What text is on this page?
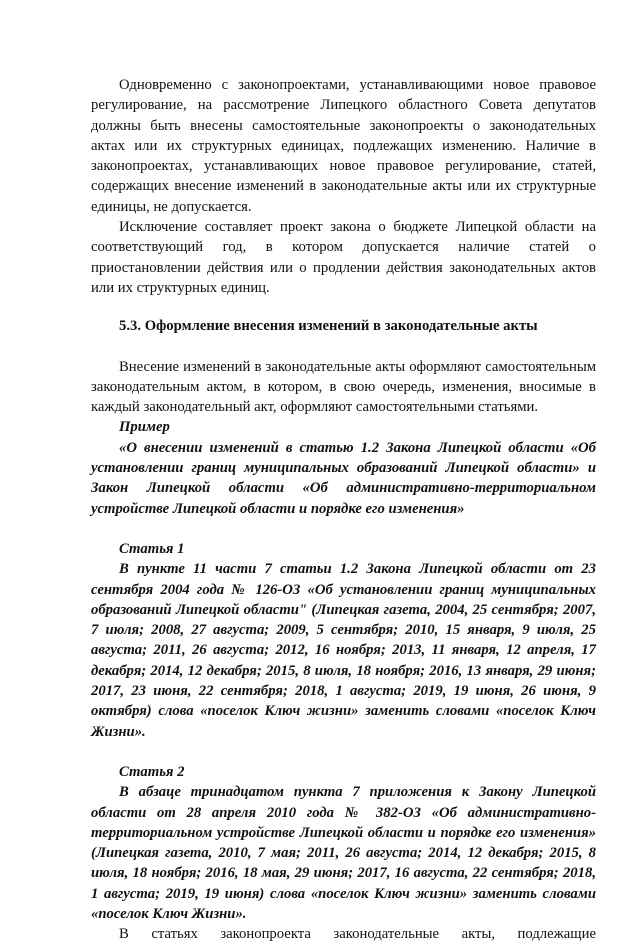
Одновременно с законопроектами, устанавливающими новое правовое регулирование, на рассмотрение Липецкого областного Совета депутатов должны быть внесены самостоятельные законопроекты о законодательных актах или их структурных единицах, подлежащих изменению. Наличие в законопроектах, устанавливающих новое правовое регулирование, статей, содержащих внесение изменений в законодательные акты или их структурные единицы, не допускается.

Исключение составляет проект закона о бюджете Липецкой области на соответствующий год, в котором допускается наличие статей о приостановлении действия или о продлении действия законодательных актов или их структурных единиц.

5.3. Оформление внесения изменений в законодательные акты

Внесение изменений в законодательные акты оформляют самостоятельным законодательным актом, в котором, в свою очередь, изменения, вносимые в каждый законодательный акт, оформляют самостоятельными статьями.

Пример

«О внесении изменений в статью 1.2 Закона Липецкой области «Об установлении границ муниципальных образований Липецкой области» и Закон Липецкой области «Об административно-территориальном устройстве Липецкой области и порядке его изменения»

Статья 1

В пункте 11 части 7 статьи 1.2 Закона Липецкой области от 23 сентября 2004 года № 126-ОЗ «Об установлении границ муниципальных образований Липецкой области" (Липецкая газета, 2004, 25 сентября; 2007, 7 июля; 2008, 27 августа; 2009, 5 сентября; 2010, 15 января, 9 июля, 25 августа; 2011, 26 августа; 2012, 16 ноября; 2013, 11 января, 12 апреля, 17 декабря; 2014, 12 декабря; 2015, 8 июля, 18 ноября; 2016, 13 января, 29 июня; 2017, 23 июня, 22 сентября; 2018, 1 августа; 2019, 19 июня, 26 июня, 9 октября) слова «поселок Ключ жизни» заменить словами «поселок Ключ Жизни».

Статья 2

В абзаце тринадцатом пункта 7 приложения к Закону Липецкой области от 28 апреля 2010 года № 382-ОЗ «Об административно-территориальном устройстве Липецкой области и порядке его изменения» (Липецкая газета, 2010, 7 мая; 2011, 26 августа; 2014, 12 декабря; 2015, 8 июля, 18 ноября; 2016, 18 мая, 29 июня; 2017, 16 августа, 22 сентября; 2018, 1 августа; 2019, 19 июня) слова «поселок Ключ жизни» заменить словами «поселок Ключ Жизни».

В статьях законопроекта законодательные акты, подлежащие
